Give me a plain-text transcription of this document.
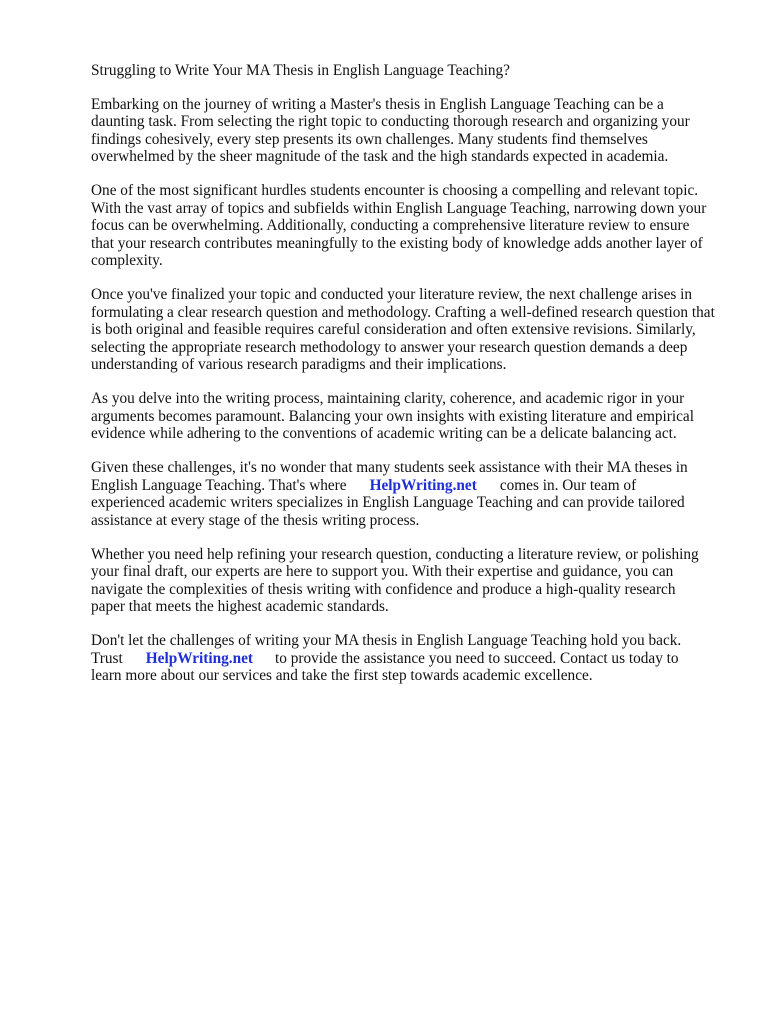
Struggling to Write Your MA Thesis in English Language Teaching?
Embarking on the journey of writing a Master's thesis in English Language Teaching can be a
daunting task. From selecting the right topic to conducting thorough research and organizing your
findings cohesively, every step presents its own challenges. Many students find themselves
overwhelmed by the sheer magnitude of the task and the high standards expected in academia.
One of the most significant hurdles students encounter is choosing a compelling and relevant topic.
With the vast array of topics and subfields within English Language Teaching, narrowing down your
focus can be overwhelming. Additionally, conducting a comprehensive literature review to ensure
that your research contributes meaningfully to the existing body of knowledge adds another layer of
complexity.
Once you've finalized your topic and conducted your literature review, the next challenge arises in
formulating a clear research question and methodology. Crafting a well-defined research question that
is both original and feasible requires careful consideration and often extensive revisions. Similarly,
selecting the appropriate research methodology to answer your research question demands a deep
understanding of various research paradigms and their implications.
As you delve into the writing process, maintaining clarity, coherence, and academic rigor in your
arguments becomes paramount. Balancing your own insights with existing literature and empirical
evidence while adhering to the conventions of academic writing can be a delicate balancing act.
Given these challenges, it's no wonder that many students seek assistance with their MA theses in
English Language Teaching. That's where HelpWriting.net comes in. Our team of
experienced academic writers specializes in English Language Teaching and can provide tailored
assistance at every stage of the thesis writing process.
Whether you need help refining your research question, conducting a literature review, or polishing
your final draft, our experts are here to support you. With their expertise and guidance, you can
navigate the complexities of thesis writing with confidence and produce a high-quality research
paper that meets the highest academic standards.
Don't let the challenges of writing your MA thesis in English Language Teaching hold you back.
Trust HelpWriting.net to provide the assistance you need to succeed. Contact us today to
learn more about our services and take the first step towards academic excellence.
